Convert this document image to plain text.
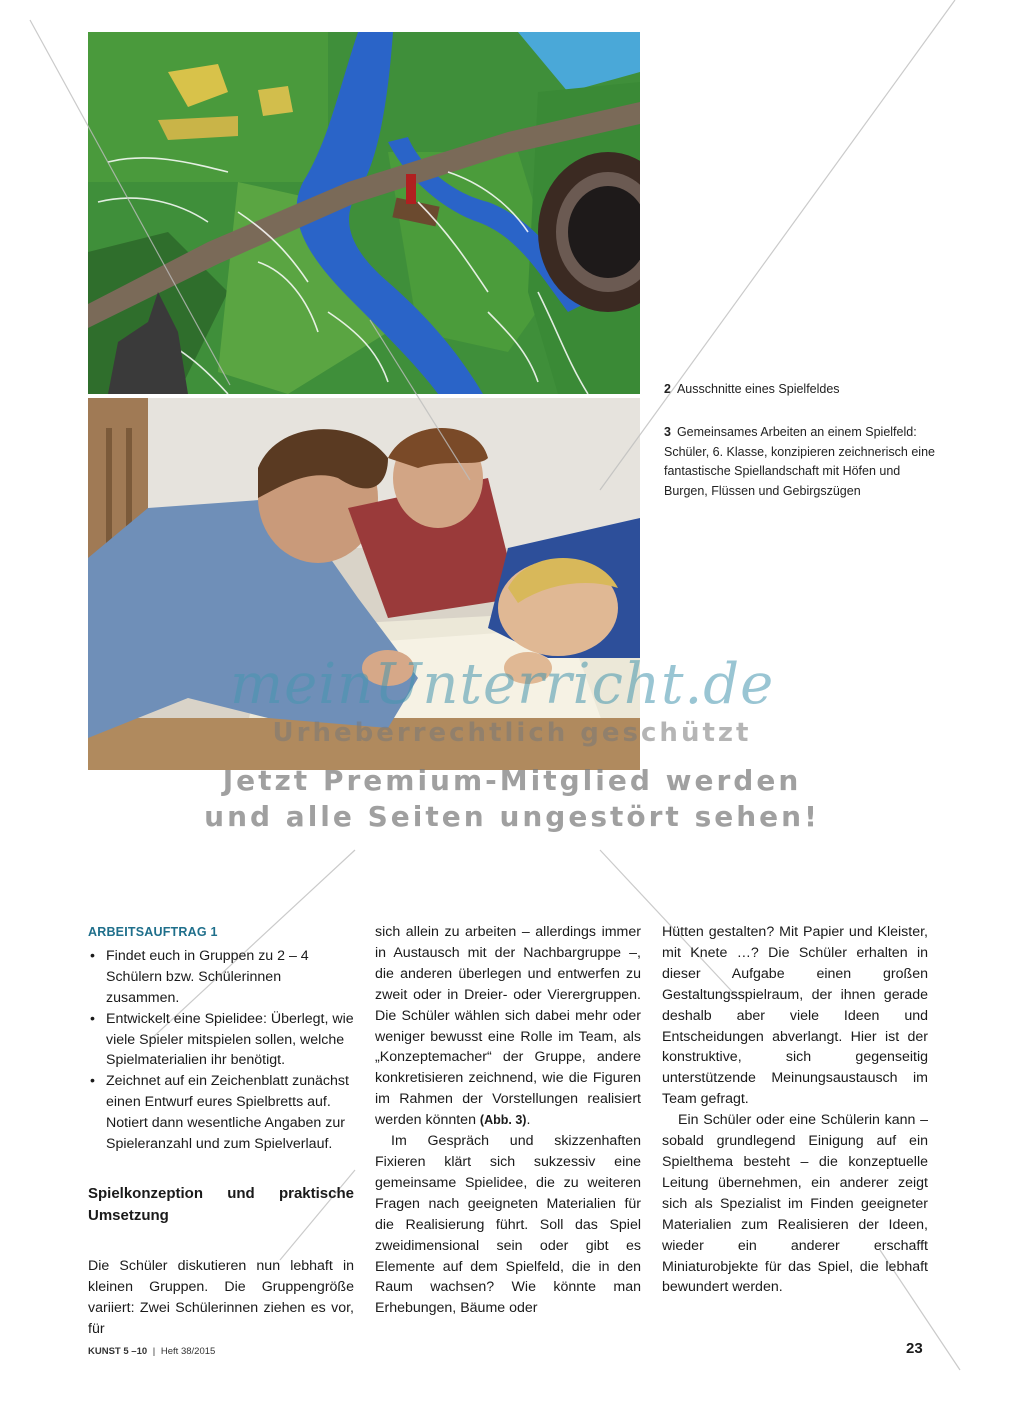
2 Ausschnitte eines Spielfeldes
3 Gemeinsames Arbeiten an einem Spielfeld: Schüler, 6. Klasse, konzipieren zeichnerisch eine fantastische Spiellandschaft mit Höfen und Burgen, Flüssen und Gebirgszügen
meinUnterricht.de
Urheberrechtlich geschützt
Jetzt Premium-Mitglied werden
und alle Seiten ungestört sehen!
ARBEITSAUFTRAG 1
• Findet euch in Gruppen zu 2 – 4 Schülern bzw. Schülerinnen zusammen.
• Entwickelt eine Spielidee: Überlegt, wie viele Spieler mitspielen sollen, welche Spielmaterialien ihr benötigt.
• Zeichnet auf ein Zeichenblatt zunächst einen Entwurf eures Spielbretts auf. Notiert dann wesentliche Angaben zur Spieleranzahl und zum Spielverlauf.
Spielkonzeption und praktische Umsetzung

Die Schüler diskutieren nun lebhaft in kleinen Gruppen. Die Gruppengröße variiert: Zwei Schülerinnen ziehen es vor, für

sich allein zu arbeiten – allerdings immer in Austausch mit der Nachbargruppe –, die anderen überlegen und entwerfen zu zweit oder in Dreier- oder Vierergruppen. Die Schüler wählen sich dabei mehr oder weniger bewusst eine Rolle im Team, als „Konzeptemacher“ der Gruppe, andere konkretisieren zeichnend, wie die Figuren im Rahmen der Vorstellungen realisiert werden könnten (Abb. 3).

Im Gespräch und skizzenhaften Fixieren klärt sich sukzessiv eine gemeinsame Spielidee, die zu weiteren Fragen nach geeigneten Materialien für die Realisierung führt. Soll das Spiel zweidimensional sein oder gibt es Elemente auf dem Spielfeld, die in den Raum wachsen? Wie könnte man Erhebungen, Bäume oder

Hütten gestalten? Mit Papier und Kleister, mit Knete …? Die Schüler erhalten in dieser Aufgabe einen großen Gestaltungsspielraum, der ihnen gerade deshalb aber viele Ideen und Entscheidungen abverlangt. Hier ist der konstruktive, sich gegenseitig unterstützende Meinungsaustausch im Team gefragt.

Ein Schüler oder eine Schülerin kann – sobald grundlegend Einigung auf ein Spielthema besteht – die konzeptuelle Leitung übernehmen, ein anderer zeigt sich als Spezialist im Finden geeigneter Materialien zum Realisieren der Ideen, wieder ein anderer erschafft Miniaturobjekte für das Spiel, die lebhaft bewundert werden.

KUNST 5 –10 | Heft 38/2015	23
